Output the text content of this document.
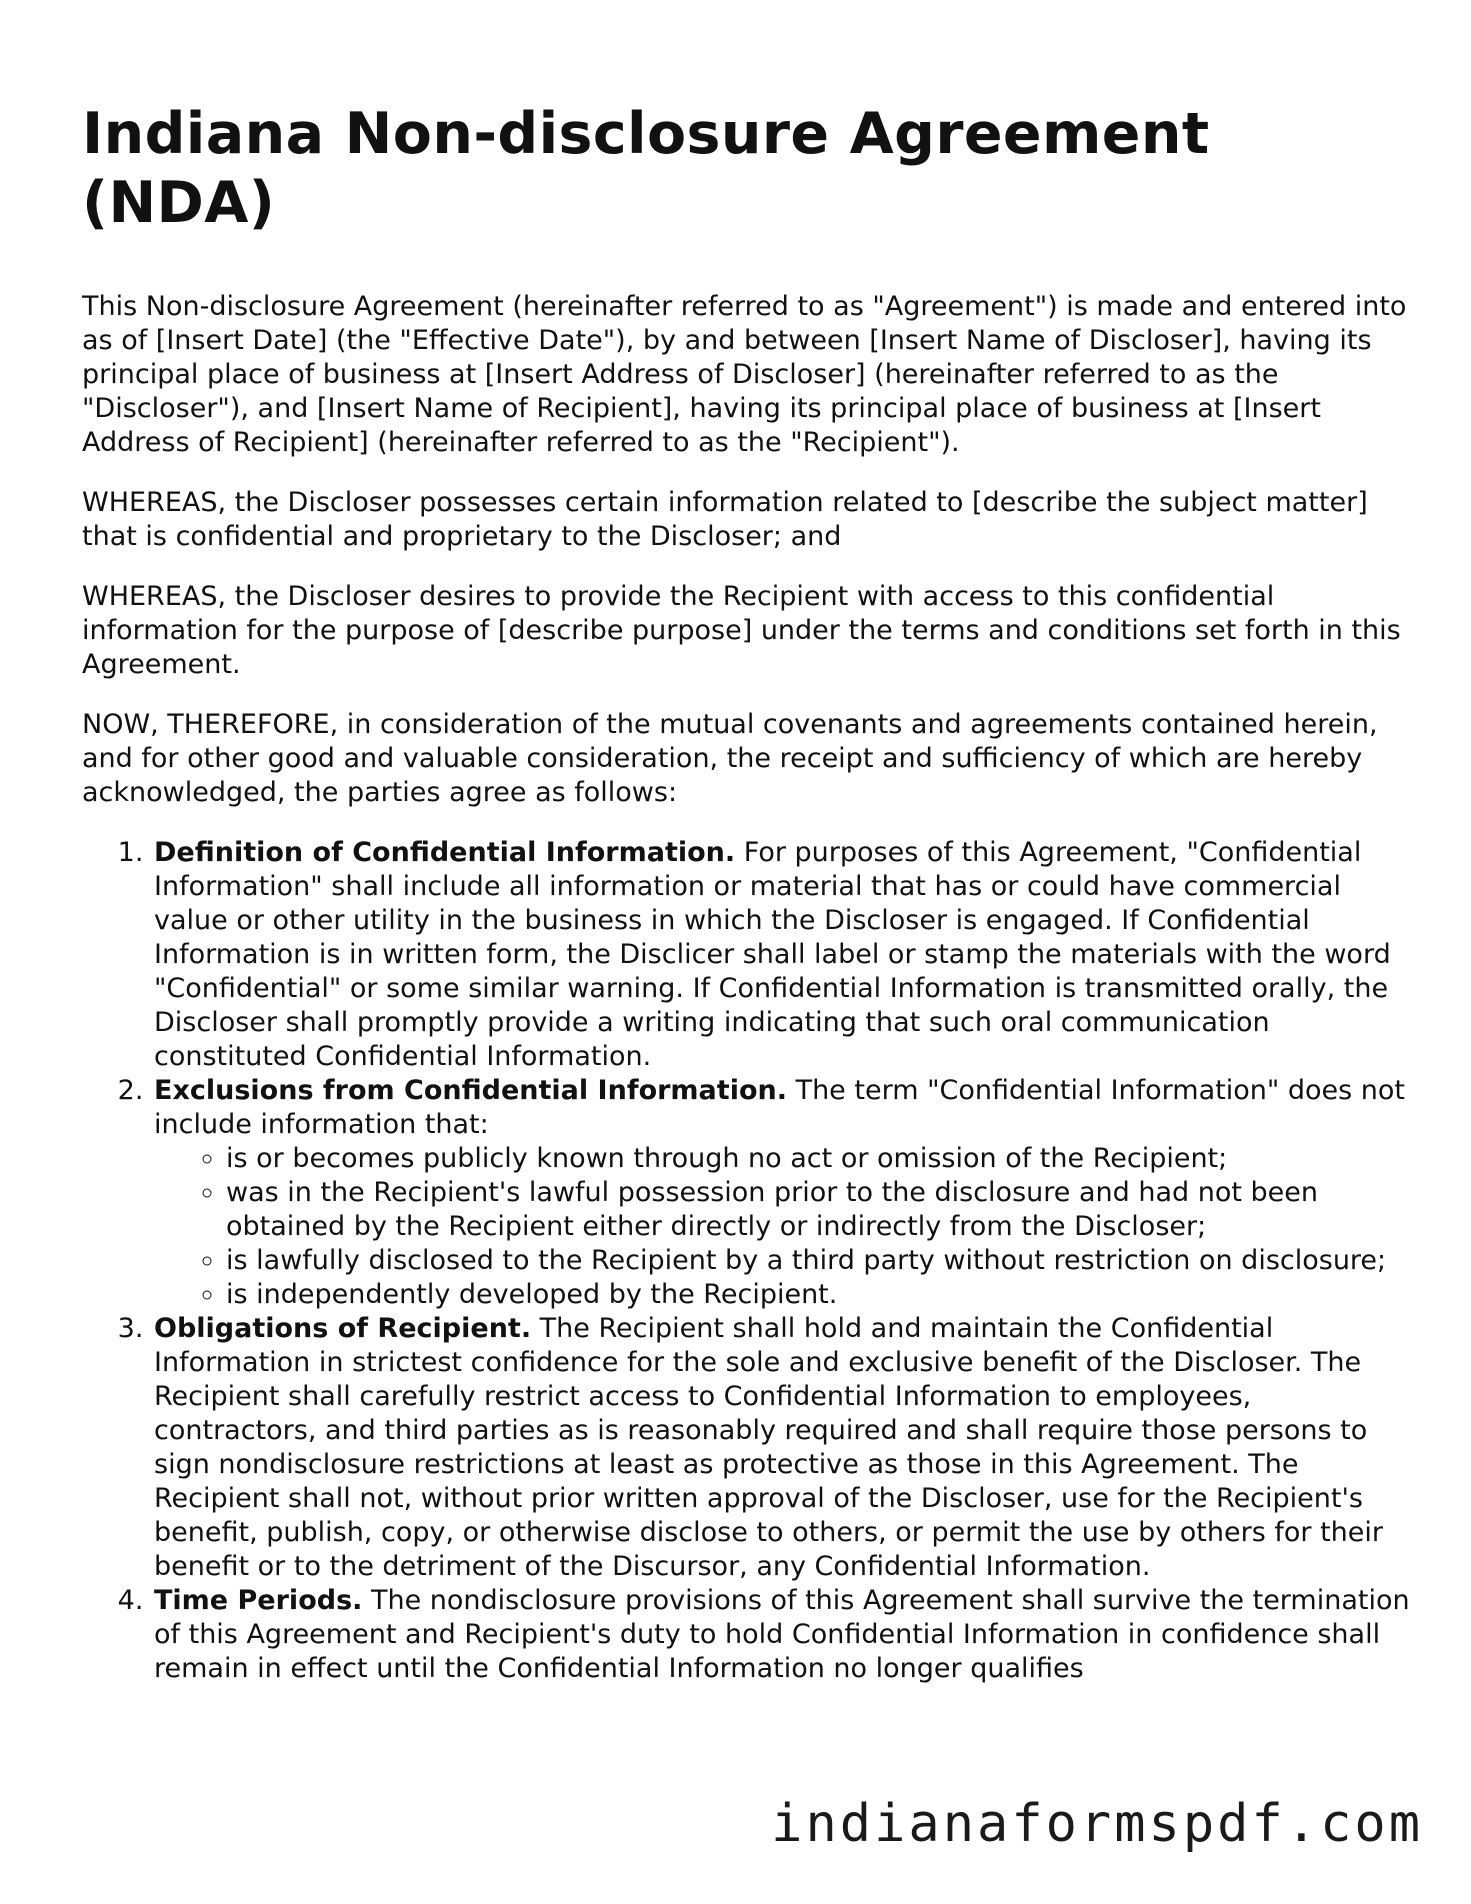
Indiana Non-disclosure Agreement (NDA)

This Non-disclosure Agreement (hereinafter referred to as "Agreement") is made and entered into as of [Insert Date] (the "Effective Date"), by and between [Insert Name of Discloser], having its principal place of business at [Insert Address of Discloser] (hereinafter referred to as the "Discloser"), and [Insert Name of Recipient], having its principal place of business at [Insert Address of Recipient] (hereinafter referred to as the "Recipient").

WHEREAS, the Discloser possesses certain information related to [describe the subject matter] that is confidential and proprietary to the Discloser; and

WHEREAS, the Discloser desires to provide the Recipient with access to this confidential information for the purpose of [describe purpose] under the terms and conditions set forth in this Agreement.

NOW, THEREFORE, in consideration of the mutual covenants and agreements contained herein, and for other good and valuable consideration, the receipt and sufficiency of which are hereby acknowledged, the parties agree as follows:

1. Definition of Confidential Information. For purposes of this Agreement, "Confidential Information" shall include all information or material that has or could have commercial value or other utility in the business in which the Discloser is engaged. If Confidential Information is in written form, the Disclicer shall label or stamp the materials with the word "Confidential" or some similar warning. If Confidential Information is transmitted orally, the Discloser shall promptly provide a writing indicating that such oral communication constituted Confidential Information.
2. Exclusions from Confidential Information. The term "Confidential Information" does not include information that:
◦ is or becomes publicly known through no act or omission of the Recipient;
◦ was in the Recipient's lawful possession prior to the disclosure and had not been obtained by the Recipient either directly or indirectly from the Discloser;
◦ is lawfully disclosed to the Recipient by a third party without restriction on disclosure;
◦ is independently developed by the Recipient.
3. Obligations of Recipient. The Recipient shall hold and maintain the Confidential Information in strictest confidence for the sole and exclusive benefit of the Discloser. The Recipient shall carefully restrict access to Confidential Information to employees, contractors, and third parties as is reasonably required and shall require those persons to sign nondisclosure restrictions at least as protective as those in this Agreement. The Recipient shall not, without prior written approval of the Discloser, use for the Recipient's benefit, publish, copy, or otherwise disclose to others, or permit the use by others for their benefit or to the detriment of the Discursor, any Confidential Information.
4. Time Periods. The nondisclosure provisions of this Agreement shall survive the termination of this Agreement and Recipient's duty to hold Confidential Information in confidence shall remain in effect until the Confidential Information no longer qualifies
indianaformspdf.com
